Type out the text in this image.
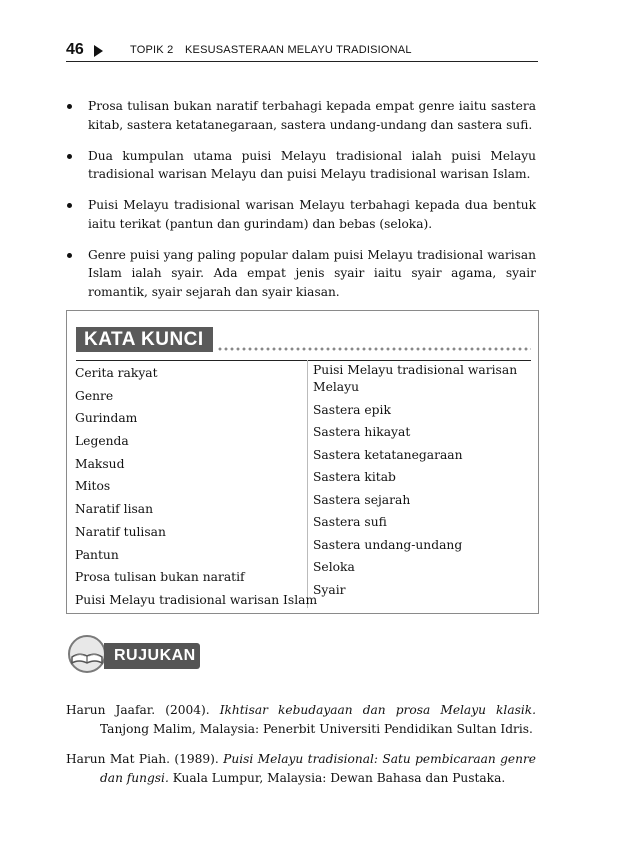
46	TOPIK 2 KESUSASTERAAN MELAYU TRADISIONAL
Prosa tulisan bukan naratif terbahagi kepada empat genre iaitu sastera kitab, sastera ketatanegaraan, sastera undang-undang dan sastera sufi.
Dua kumpulan utama puisi Melayu tradisional ialah puisi Melayu tradisional warisan Melayu dan puisi Melayu tradisional warisan Islam.
Puisi Melayu tradisional warisan Melayu terbahagi kepada dua bentuk iaitu terikat (pantun dan gurindam) dan bebas (seloka).
Genre puisi yang paling popular dalam puisi Melayu tradisional warisan Islam ialah syair. Ada empat jenis syair iaitu syair agama, syair romantik, syair sejarah dan syair kiasan.
KATA KUNCI
Cerita rakyat
Genre
Gurindam
Legenda
Maksud
Mitos
Naratif lisan
Naratif tulisan
Pantun
Prosa tulisan bukan naratif
Puisi Melayu tradisional warisan Islam
Puisi Melayu tradisional warisan Melayu
Sastera epik
Sastera hikayat
Sastera ketatanegaraan
Sastera kitab
Sastera sejarah
Sastera sufi
Sastera undang-undang
Seloka
Syair
RUJUKAN

Harun Jaafar. (2004). Ikhtisar kebudayaan dan prosa Melayu klasik. Tanjong Malim, Malaysia: Penerbit Universiti Pendidikan Sultan Idris.

Harun Mat Piah. (1989). Puisi Melayu tradisional: Satu pembicaraan genre dan fungsi. Kuala Lumpur, Malaysia: Dewan Bahasa dan Pustaka.
